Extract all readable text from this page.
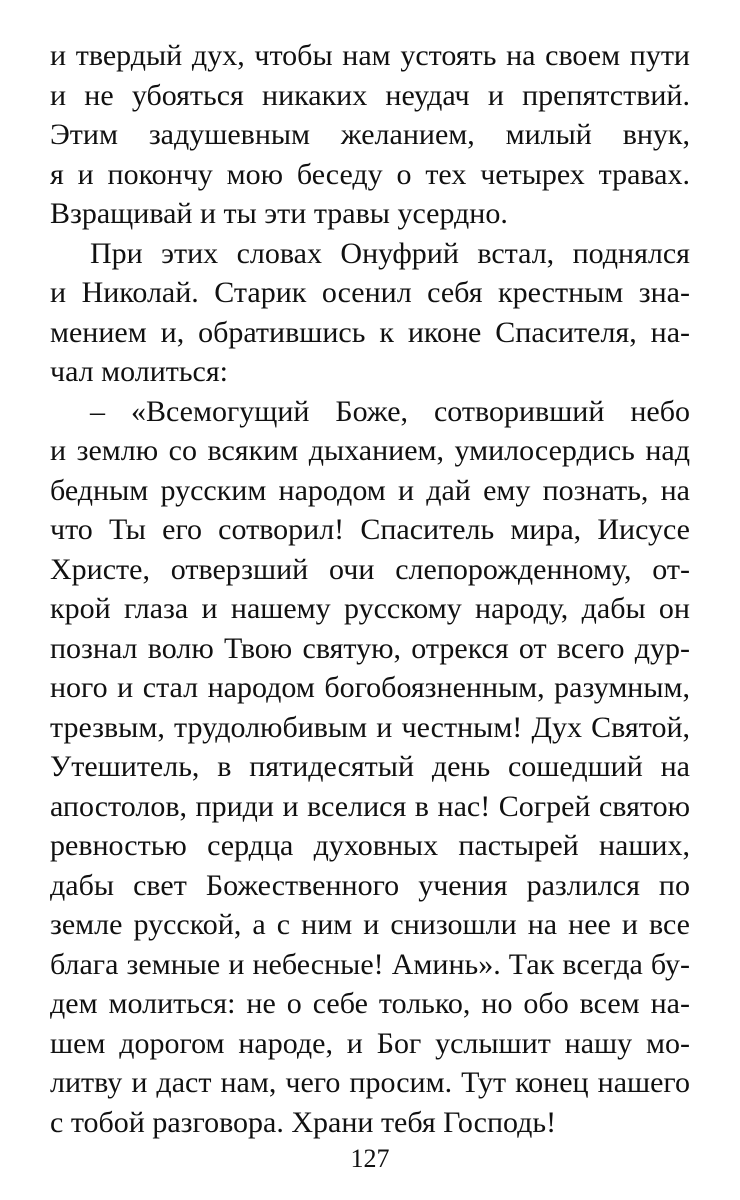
и твердый дух, чтобы нам устоять на своем пути
и не убояться никаких неудач и препятствий.
Этим задушевным желанием, милый внук,
я и покончу мою беседу о тех четырех травах.
Взращивай и ты эти травы усердно.
При этих словах Онуфрий встал, поднялся
и Николай. Старик осенил себя крестным зна-
мением и, обратившись к иконе Спасителя, на-
чал молиться:
– «Всемогущий Боже, сотворивший небо
и землю со всяким дыханием, умилосердись над
бедным русским народом и дай ему познать, на
что Ты его сотворил! Спаситель мира, Иисусе
Христе, отверзший очи слепорожденному, от-
крой глаза и нашему русскому народу, дабы он
познал волю Твою святую, отрекся от всего дур-
ного и стал народом богобоязненным, разумным,
трезвым, трудолюбивым и честным! Дух Святой,
Утешитель, в пятидесятый день сошедший на
апостолов, приди и вселися в нас! Согрей святою
ревностью сердца духовных пастырей наших,
дабы свет Божественного учения разлился по
земле русской, а с ним и снизошли на нее и все
блага земные и небесные! Аминь». Так всегда бу-
дем молиться: не о себе только, но обо всем на-
шем дорогом народе, и Бог услышит нашу мо-
литву и даст нам, чего просим. Тут конец нашего
с тобой разговора. Храни тебя Господь!
127
